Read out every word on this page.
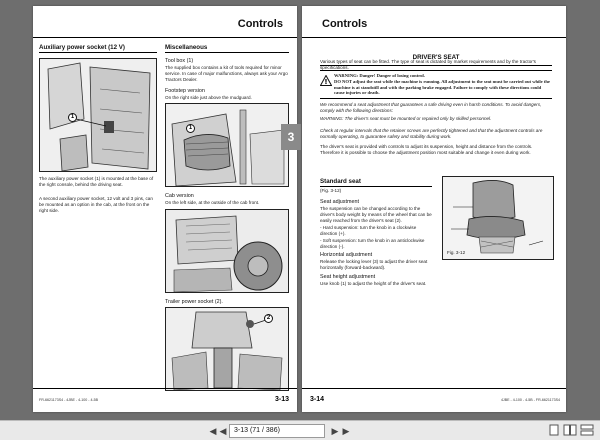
Controls
Auxiliary power socket (12 V)
1
The auxiliary power socket (1) is mounted at the base of the right console, behind the driving seat.
A second auxiliary power socket, 12 volt and 3 pins, can be mounted as an option in the cab, at the front on the right side.
Miscellaneous
Tool box (1)
The supplied box contains a kit of tools required for minor service. In case of major malfunctions, always ask your Argo Tractors Dealer.
Footstep version
On the right side just above the mudguard.
1
Cab version
On the left side, at the outside of the cab front.
Trailer power socket (2).
2
FR-6621173S4 - 4JBE - 4-100 - 4-5B	3-13
3
Controls
DRIVER'S SEAT
Various types of seat can be fitted. The type of seat is dictated by market requirements and by the tractor's specifications.
!
WARNING: Danger! Danger of losing control.
DO NOT adjust the seat while the machine is running. All adjustment to the seat must be carried out while the machine is at standstill and with the parking brake engaged. Failure to comply with these directions could cause injuries or death.
We recommend a seat adjustment that guarantees a safe driving even in harsh conditions. To avoid dangers, comply with the following directions:
WARNING: The driver's seat must be mounted or repaired only by skilled personnel.
Check at regular intervals that the retainer screws are perfectly tightened and that the adjustment controls are normally operating, to guarantee safety and stability during work.
The driver's seat is provided with controls to adjust its suspension, height and distance from the controls. Therefore it is possible to choose the adjustment position most suitable and change it even during work.
Standard seat
(Fig. 3-12)
Seat adjustment
The suspension can be changed according to the driver's body weight by means of the wheel that can be easily reached from the driver's seat (2).
- Hard suspension: turn the knob in a clockwise direction (+).
- Soft suspension: turn the knob in an anticlockwise direction (-).
Horizontal adjustment
Release the locking lever (3) to adjust the driver seat horizontally (forward-backward).
Seat height adjustment
Use knob (1) to adjust the height of the driver's seat.
Fig. 3-12
3-14	4JBE - 4-100 - 4-5B - FR-6621173S4
◀ ◀	3-13 (71 / 386)	▶ ▶
